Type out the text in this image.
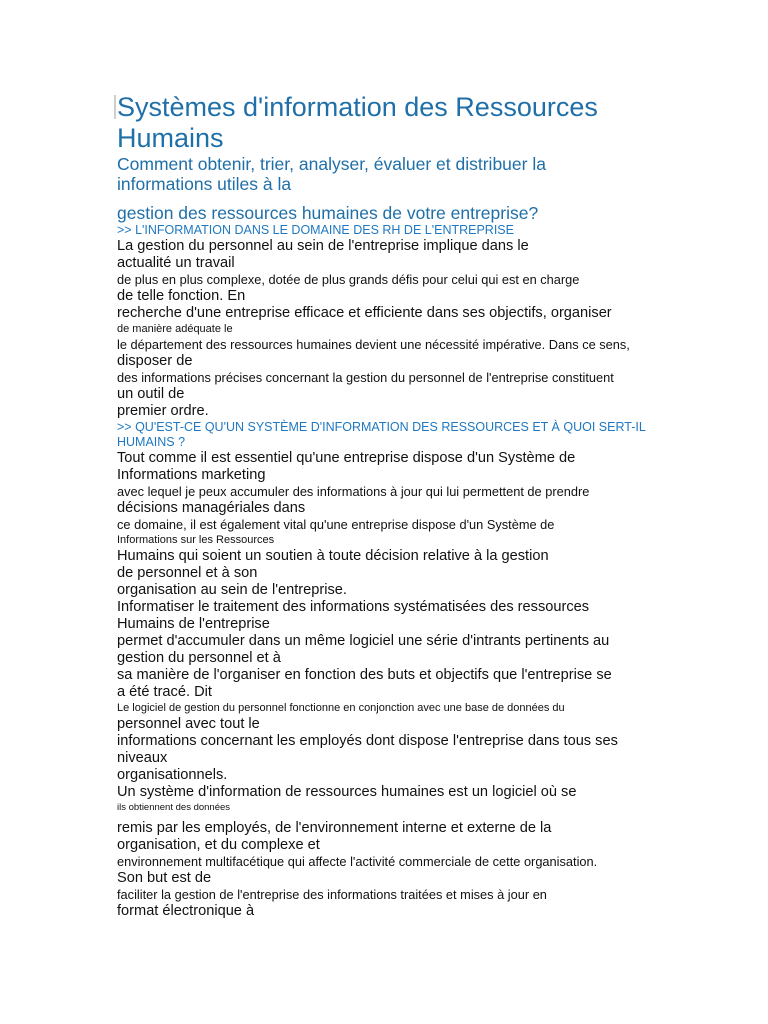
Systèmes d'information des Ressources
Humains
Comment obtenir, trier, analyser, évaluer et distribuer la
informations utiles à la
gestion des ressources humaines de votre entreprise?
>> L'INFORMATION DANS LE DOMAINE DES RH DE L'ENTREPRISE

La gestion du personnel au sein de l'entreprise implique dans le

actualité un travail

de plus en plus complexe, dotée de plus grands défis pour celui qui est en charge

de telle fonction. En

recherche d'une entreprise efficace et efficiente dans ses objectifs, organiser

de manière adéquate le

le département des ressources humaines devient une nécessité impérative. Dans ce sens,

disposer de

des informations précises concernant la gestion du personnel de l'entreprise constituent

un outil de

premier ordre.

>> QU'EST-CE QU'UN SYSTÈME D'INFORMATION DES RESSOURCES ET À QUOI SERT-IL
HUMAINS ?

Tout comme il est essentiel qu'une entreprise dispose d'un Système de

Informations marketing

avec lequel je peux accumuler des informations à jour qui lui permettent de prendre

décisions managériales dans

ce domaine, il est également vital qu'une entreprise dispose d'un Système de

Informations sur les Ressources

Humains qui soient un soutien à toute décision relative à la gestion

de personnel et à son

organisation au sein de l'entreprise.

Informatiser le traitement des informations systématisées des ressources

Humains de l'entreprise

permet d'accumuler dans un même logiciel une série d'intrants pertinents au

gestion du personnel et à

sa manière de l'organiser en fonction des buts et objectifs que l'entreprise se

a été tracé. Dit

Le logiciel de gestion du personnel fonctionne en conjonction avec une base de données du

personnel avec tout le

informations concernant les employés dont dispose l'entreprise dans tous ses

niveaux

organisationnels.

Un système d'information de ressources humaines est un logiciel où se

ils obtiennent des données

remis par les employés, de l'environnement interne et externe de la

organisation, et du complexe et

environnement multifacétique qui affecte l'activité commerciale de cette organisation.

Son but est de

faciliter la gestion de l'entreprise des informations traitées et mises à jour en

format électronique à
